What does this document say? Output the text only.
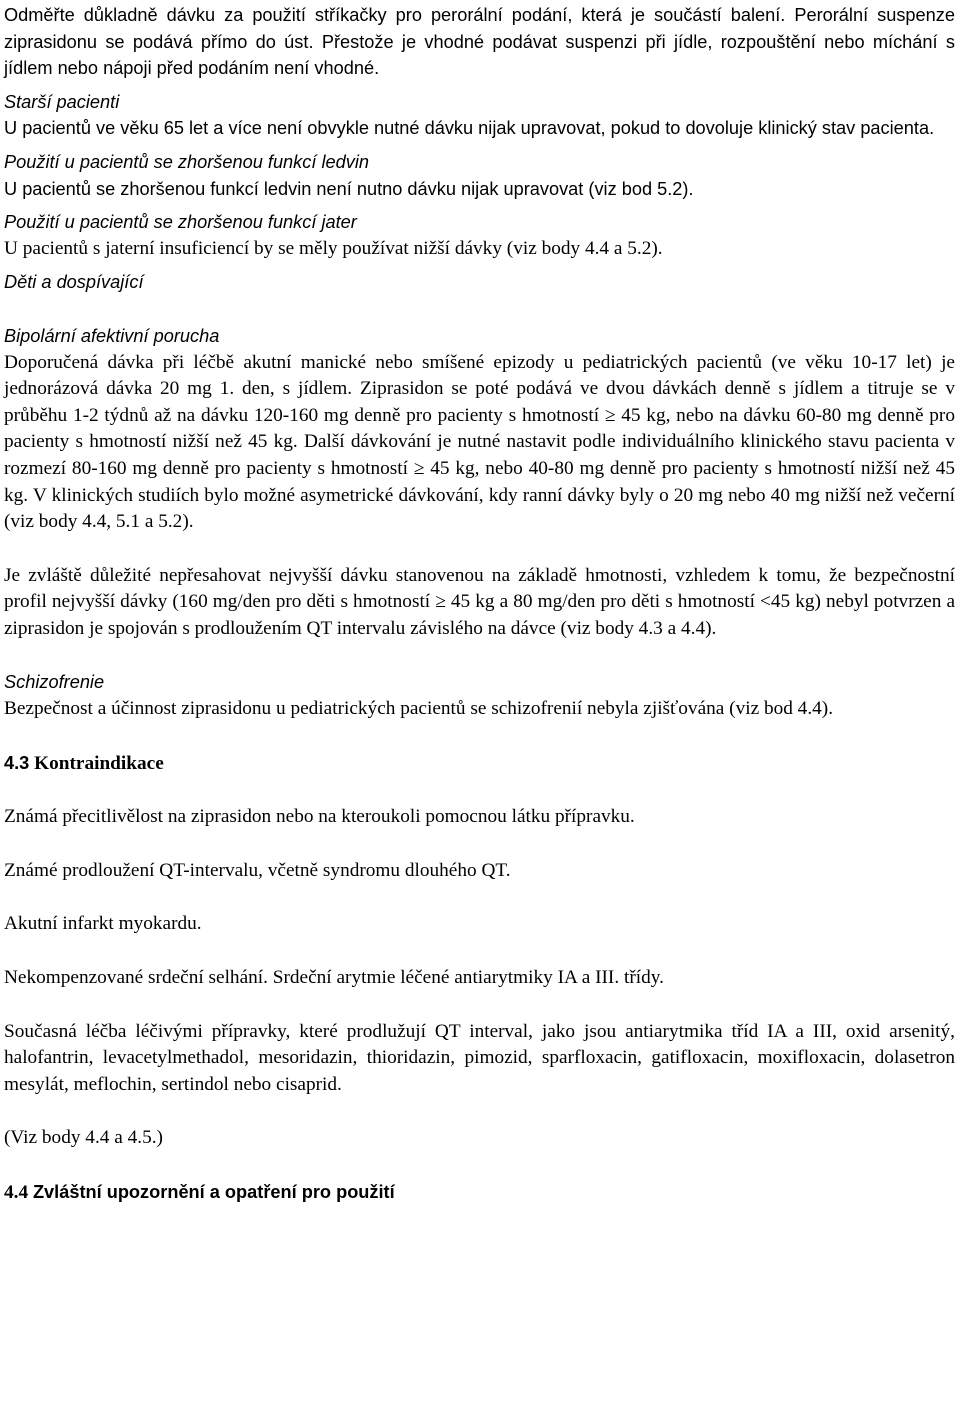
Odměřte důkladně dávku za použití stříkačky pro perorální podání, která je součástí balení. Perorální suspenze ziprasidonu se podává přímo do úst. Přestože je vhodné podávat suspenzi při jídle, rozpouštění nebo míchání s jídlem nebo nápoji před podáním není vhodné.

Starší pacienti

U pacientů ve věku 65 let a více není obvykle nutné dávku nijak upravovat, pokud to dovoluje klinický stav pacienta.

Použití u pacientů se zhoršenou funkcí ledvin

U pacientů se zhoršenou funkcí ledvin není nutno dávku nijak upravovat (viz bod 5.2).

Použití u pacientů se zhoršenou funkcí jater

U pacientů s jaterní insuficiencí by se měly používat nižší dávky (viz body 4.4 a 5.2).

Děti a dospívající

Bipolární afektivní porucha

Doporučená dávka při léčbě akutní manické nebo smíšené epizody u pediatrických pacientů (ve věku 10-17 let) je jednorázová dávka 20 mg 1. den, s jídlem. Ziprasidon se poté podává ve dvou dávkách denně s jídlem a titruje se v průběhu 1-2 týdnů až na dávku 120-160 mg denně pro pacienty s hmotností ≥ 45 kg, nebo na dávku 60-80 mg denně pro pacienty s hmotností nižší než 45 kg. Další dávkování je nutné nastavit podle individuálního klinického stavu pacienta v rozmezí 80-160 mg denně pro pacienty s hmotností ≥ 45 kg, nebo 40-80 mg denně pro pacienty s hmotností nižší než 45 kg. V klinických studiích bylo možné asymetrické dávkování, kdy ranní dávky byly o 20 mg nebo 40 mg nižší než večerní (viz body 4.4, 5.1 a 5.2).

Je zvláště důležité nepřesahovat nejvyšší dávku stanovenou na základě hmotnosti, vzhledem k tomu, že bezpečnostní profil nejvyšší dávky (160 mg/den pro děti s hmotností ≥ 45 kg a 80 mg/den pro děti s hmotností <45 kg) nebyl potvrzen a ziprasidon je spojován s prodloužením QT intervalu závislého na dávce (viz body 4.3 a 4.4).

Schizofrenie

Bezpečnost a účinnost ziprasidonu u pediatrických pacientů se schizofrenií nebyla zjišťována (viz bod 4.4).

4.3 Kontraindikace

Známá přecitlivělost na ziprasidon nebo na kteroukoli pomocnou látku přípravku.

Známé prodloužení QT-intervalu, včetně syndromu dlouhého QT.

Akutní infarkt myokardu.

Nekompenzované srdeční selhání. Srdeční arytmie léčené antiarytmiky IA a III. třídy.

Současná léčba léčivými přípravky, které prodlužují QT interval, jako jsou antiarytmika tříd IA a III, oxid arsenitý, halofantrin, levacetylmethadol, mesoridazin, thioridazin, pimozid, sparfloxacin, gatifloxacin, moxifloxacin, dolasetron mesylát, meflochin, sertindol nebo cisaprid.

(Viz body 4.4 a 4.5.)

4.4 Zvláštní upozornění a opatření pro použití
